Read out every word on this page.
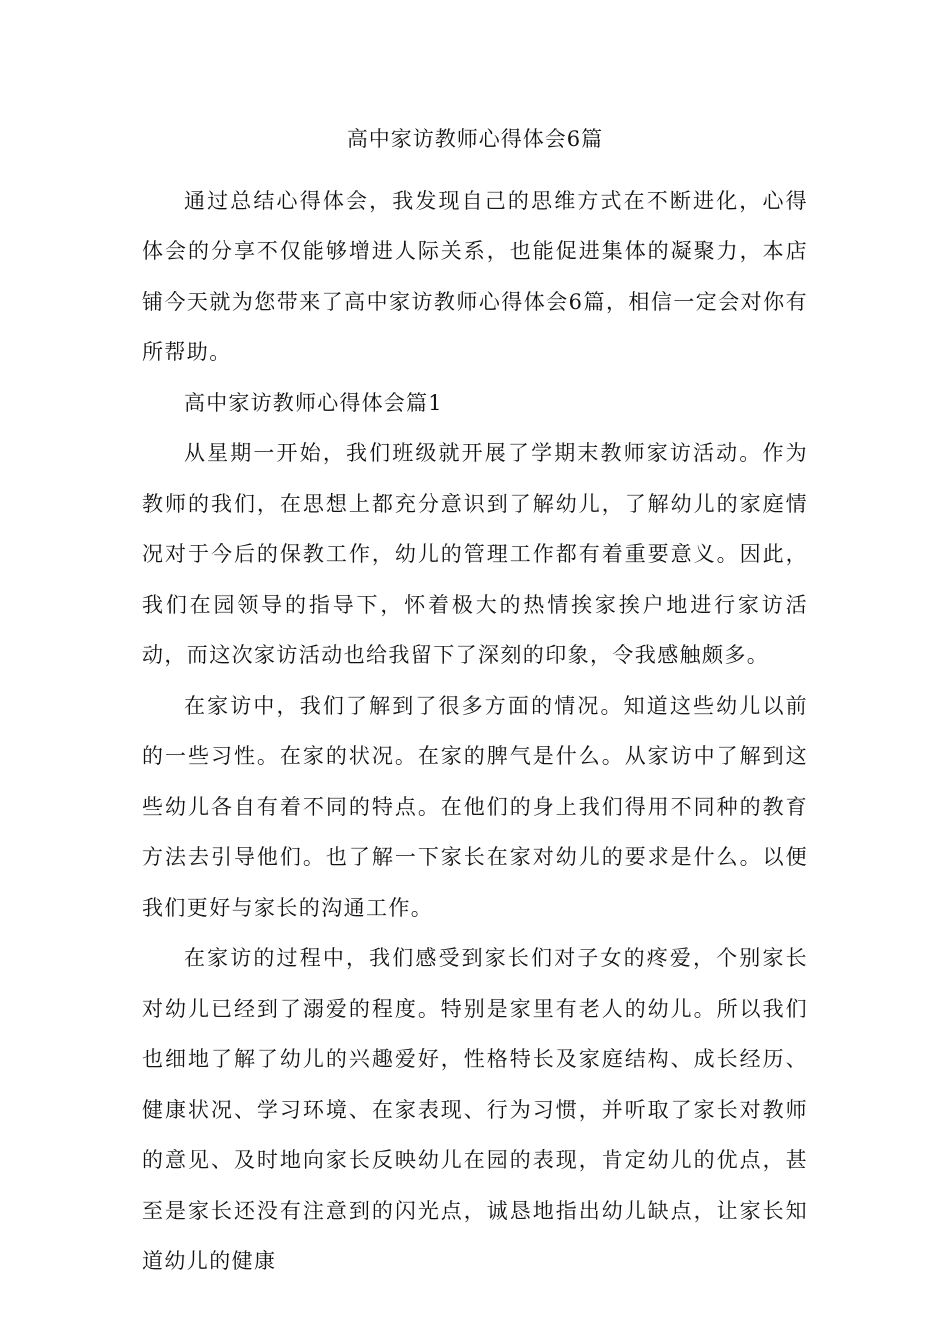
高中家访教师心得体会6篇

通过总结心得体会，我发现自己的思维方式在不断进化，心得体会的分享不仅能够增进人际关系，也能促进集体的凝聚力，本店铺今天就为您带来了高中家访教师心得体会6篇，相信一定会对你有所帮助。

高中家访教师心得体会篇1

从星期一开始，我们班级就开展了学期末教师家访活动。作为教师的我们，在思想上都充分意识到了解幼儿，了解幼儿的家庭情况对于今后的保教工作，幼儿的管理工作都有着重要意义。因此，我们在园领导的指导下，怀着极大的热情挨家挨户地进行家访活动，而这次家访活动也给我留下了深刻的印象，令我感触颇多。

在家访中，我们了解到了很多方面的情况。知道这些幼儿以前的一些习性。在家的状况。在家的脾气是什么。从家访中了解到这些幼儿各自有着不同的特点。在他们的身上我们得用不同种的教育方法去引导他们。也了解一下家长在家对幼儿的要求是什么。以便我们更好与家长的沟通工作。

在家访的过程中，我们感受到家长们对子女的疼爱，个别家长对幼儿已经到了溺爱的程度。特别是家里有老人的幼儿。所以我们也细地了解了幼儿的兴趣爱好，性格特长及家庭结构、成长经历、健康状况、学习环境、在家表现、行为习惯，并听取了家长对教师的意见、及时地向家长反映幼儿在园的表现，肯定幼儿的优点，甚至是家长还没有注意到的闪光点，诚恳地指出幼儿缺点，让家长知道幼儿的健康
